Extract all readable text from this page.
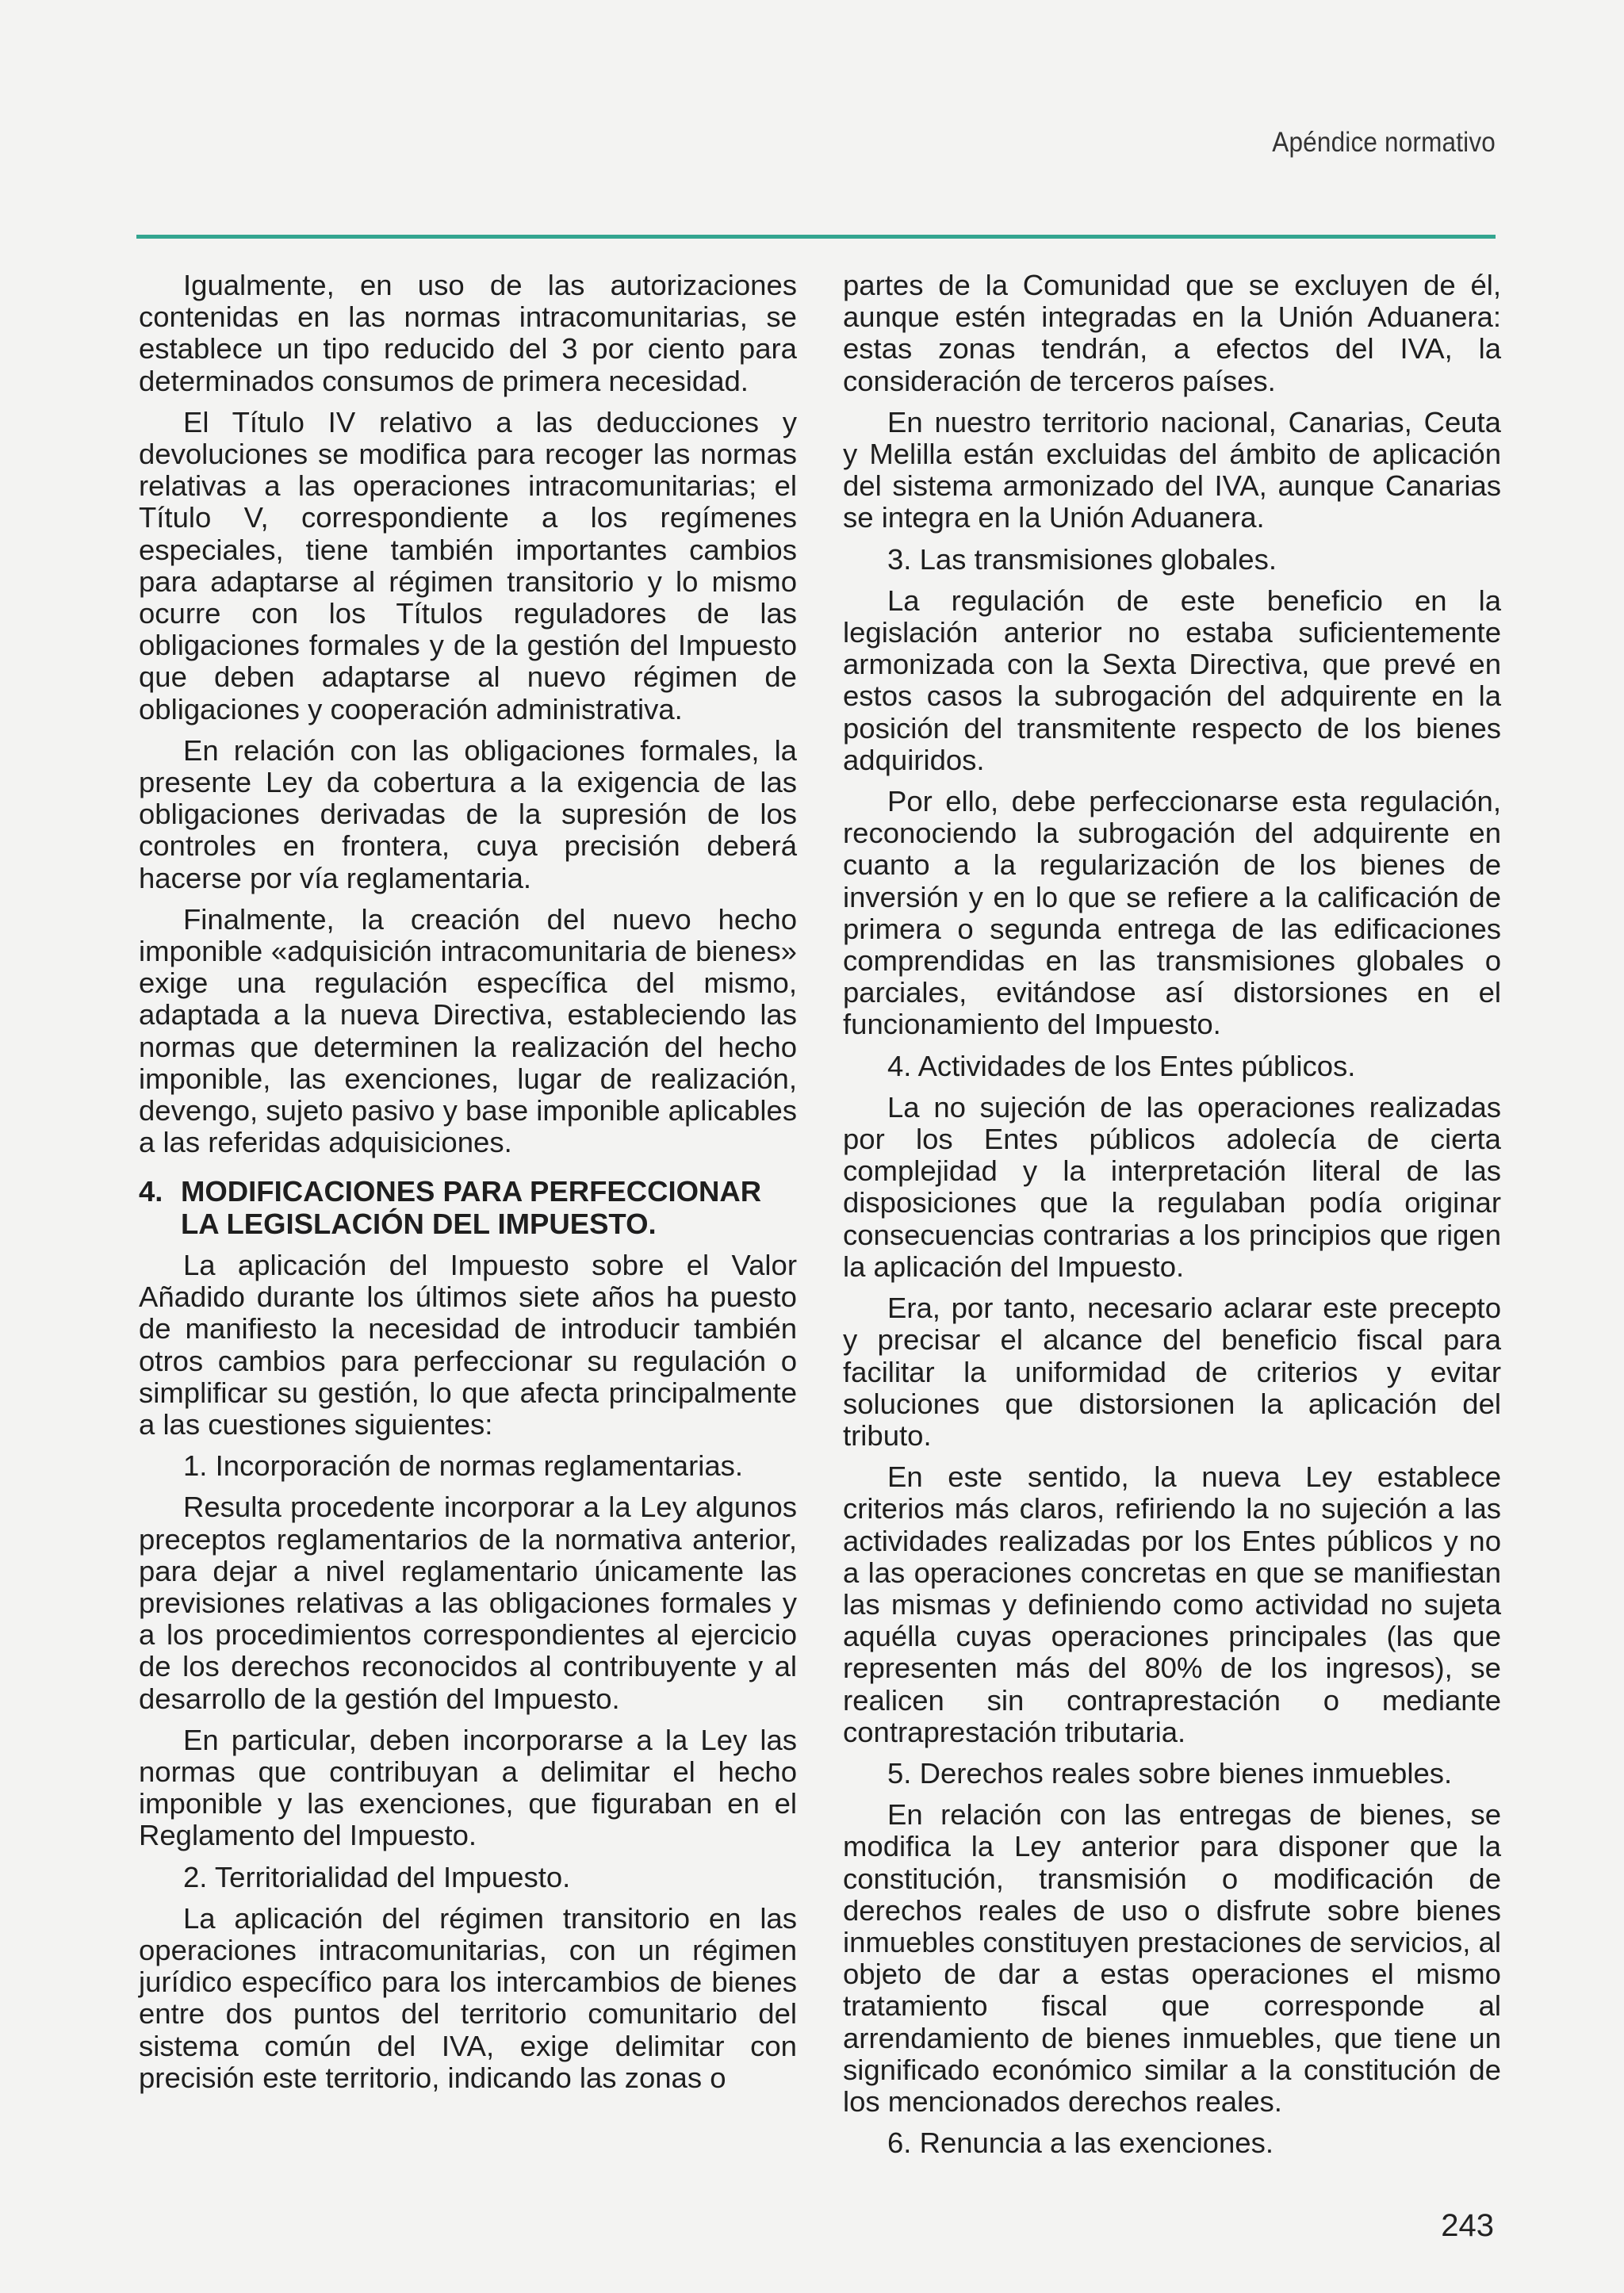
Apéndice normativo

Igualmente, en uso de las autorizaciones contenidas en las normas intracomunitarias, se establece un tipo reducido del 3 por ciento para determinados consumos de primera necesidad.

El Título IV relativo a las deducciones y devoluciones se modifica para recoger las normas relativas a las operaciones intracomunitarias; el Título V, correspondiente a los regímenes especiales, tiene también importantes cambios para adaptarse al régimen transitorio y lo mismo ocurre con los Títulos reguladores de las obligaciones formales y de la gestión del Impuesto que deben adaptarse al nuevo régimen de obligaciones y cooperación administrativa.

En relación con las obligaciones formales, la presente Ley da cobertura a la exigencia de las obligaciones derivadas de la supresión de los controles en frontera, cuya precisión deberá hacerse por vía reglamentaria.

Finalmente, la creación del nuevo hecho imponible «adquisición intracomunitaria de bienes» exige una regulación específica del mismo, adaptada a la nueva Directiva, estableciendo las normas que determinen la realización del hecho imponible, las exenciones, lugar de realización, devengo, sujeto pasivo y base imponible aplicables a las referidas adquisiciones.

4. MODIFICACIONES PARA PERFECCIONAR LA LEGISLACIÓN DEL IMPUESTO.

La aplicación del Impuesto sobre el Valor Añadido durante los últimos siete años ha puesto de manifiesto la necesidad de introducir también otros cambios para perfeccionar su regulación o simplificar su gestión, lo que afecta principalmente a las cuestiones siguientes:

1. Incorporación de normas reglamentarias.

Resulta procedente incorporar a la Ley algunos preceptos reglamentarios de la normativa anterior, para dejar a nivel reglamentario únicamente las previsiones relativas a las obligaciones formales y a los procedimientos correspondientes al ejercicio de los derechos reconocidos al contribuyente y al desarrollo de la gestión del Impuesto.

En particular, deben incorporarse a la Ley las normas que contribuyan a delimitar el hecho imponible y las exenciones, que figuraban en el Reglamento del Impuesto.

2. Territorialidad del Impuesto.

La aplicación del régimen transitorio en las operaciones intracomunitarias, con un régimen jurídico específico para los intercambios de bienes entre dos puntos del territorio comunitario del sistema común del IVA, exige delimitar con precisión este territorio, indicando las zonas o

partes de la Comunidad que se excluyen de él, aunque estén integradas en la Unión Aduanera: estas zonas tendrán, a efectos del IVA, la consideración de terceros países.

En nuestro territorio nacional, Canarias, Ceuta y Melilla están excluidas del ámbito de aplicación del sistema armonizado del IVA, aunque Canarias se integra en la Unión Aduanera.

3. Las transmisiones globales.

La regulación de este beneficio en la legislación anterior no estaba suficientemente armonizada con la Sexta Directiva, que prevé en estos casos la subrogación del adquirente en la posición del transmitente respecto de los bienes adquiridos.

Por ello, debe perfeccionarse esta regulación, reconociendo la subrogación del adquirente en cuanto a la regularización de los bienes de inversión y en lo que se refiere a la calificación de primera o segunda entrega de las edificaciones comprendidas en las transmisiones globales o parciales, evitándose así distorsiones en el funcionamiento del Impuesto.

4. Actividades de los Entes públicos.

La no sujeción de las operaciones realizadas por los Entes públicos adolecía de cierta complejidad y la interpretación literal de las disposiciones que la regulaban podía originar consecuencias contrarias a los principios que rigen la aplicación del Impuesto.

Era, por tanto, necesario aclarar este precepto y precisar el alcance del beneficio fiscal para facilitar la uniformidad de criterios y evitar soluciones que distorsionen la aplicación del tributo.

En este sentido, la nueva Ley establece criterios más claros, refiriendo la no sujeción a las actividades realizadas por los Entes públicos y no a las operaciones concretas en que se manifiestan las mismas y definiendo como actividad no sujeta aquélla cuyas operaciones principales (las que representen más del 80% de los ingresos), se realicen sin contraprestación o mediante contraprestación tributaria.

5. Derechos reales sobre bienes inmuebles.

En relación con las entregas de bienes, se modifica la Ley anterior para disponer que la constitución, transmisión o modificación de derechos reales de uso o disfrute sobre bienes inmuebles constituyen prestaciones de servicios, al objeto de dar a estas operaciones el mismo tratamiento fiscal que corresponde al arrendamiento de bienes inmuebles, que tiene un significado económico similar a la constitución de los mencionados derechos reales.

6. Renuncia a las exenciones.

243
